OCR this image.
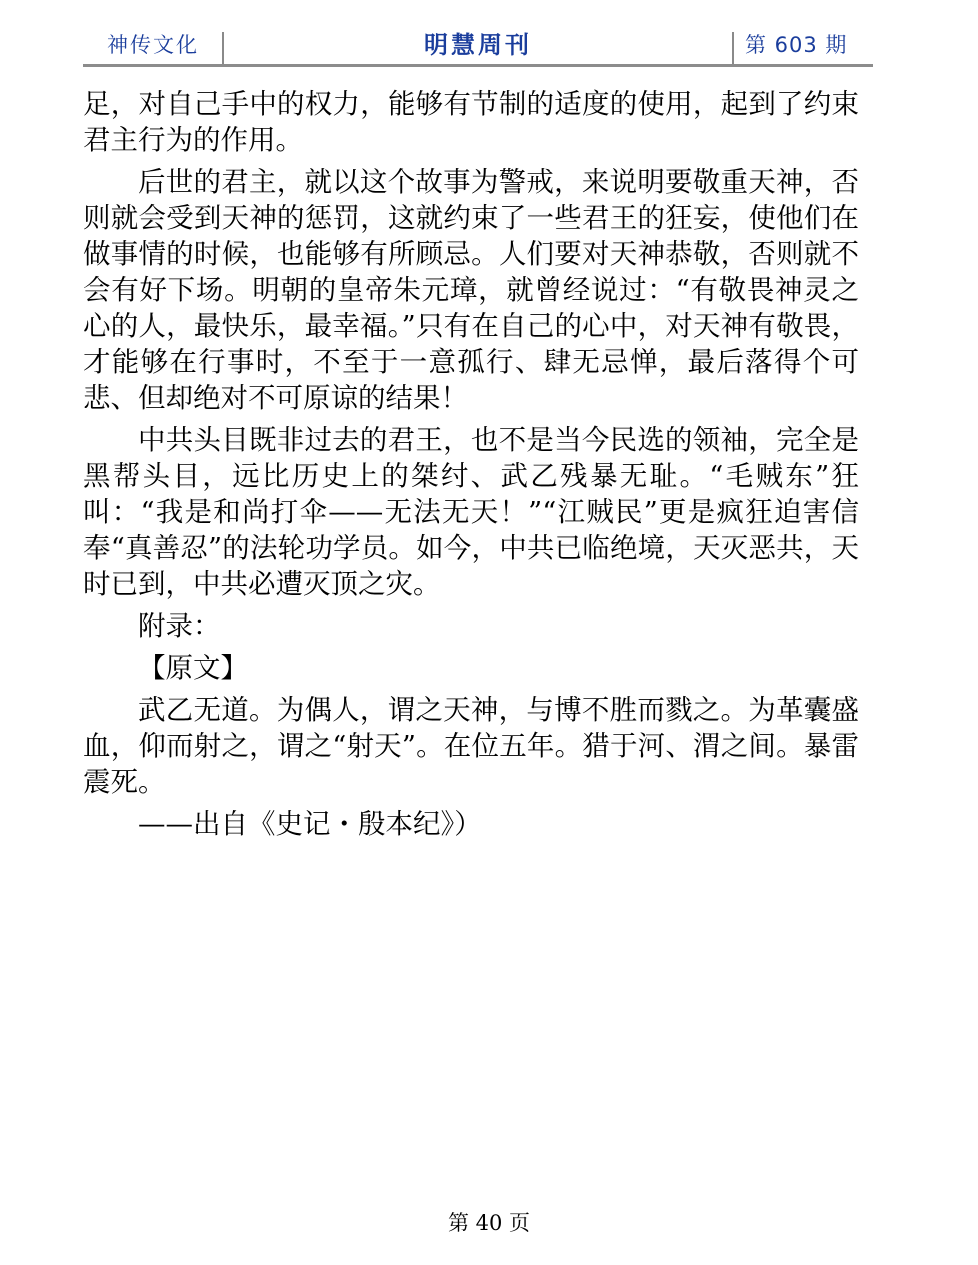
神传文化	明慧周刊	第 603 期

足，对自己手中的权力，能够有节制的适度的使用，起到了约束君主行为的作用。

后世的君主，就以这个故事为警戒，来说明要敬重天神，否则就会受到天神的惩罚，这就约束了一些君王的狂妄，使他们在做事情的时候，也能够有所顾忌。人们要对天神恭敬，否则就不会有好下场。明朝的皇帝朱元璋，就曾经说过：“有敬畏神灵之心的人，最快乐，最幸福。”只有在自己的心中，对天神有敬畏，才能够在行事时，不至于一意孤行、肆无忌惮，最后落得个可悲、但却绝对不可原谅的结果！

中共头目既非过去的君王，也不是当今民选的领袖，完全是黑帮头目，远比历史上的桀纣、武乙残暴无耻。“毛贼东”狂叫：“我是和尚打伞——无法无天！”“江贼民”更是疯狂迫害信奉“真善忍”的法轮功学员。如今，中共已临绝境，天灭恶共，天时已到，中共必遭灭顶之灾。

附录：

【原文】

武乙无道。为偶人，谓之天神，与博不胜而戮之。为革囊盛血，仰而射之，谓之“射天”。在位五年。猎于河、渭之间。暴雷震死。

——出自《史记・殷本纪》）

第 40 页
